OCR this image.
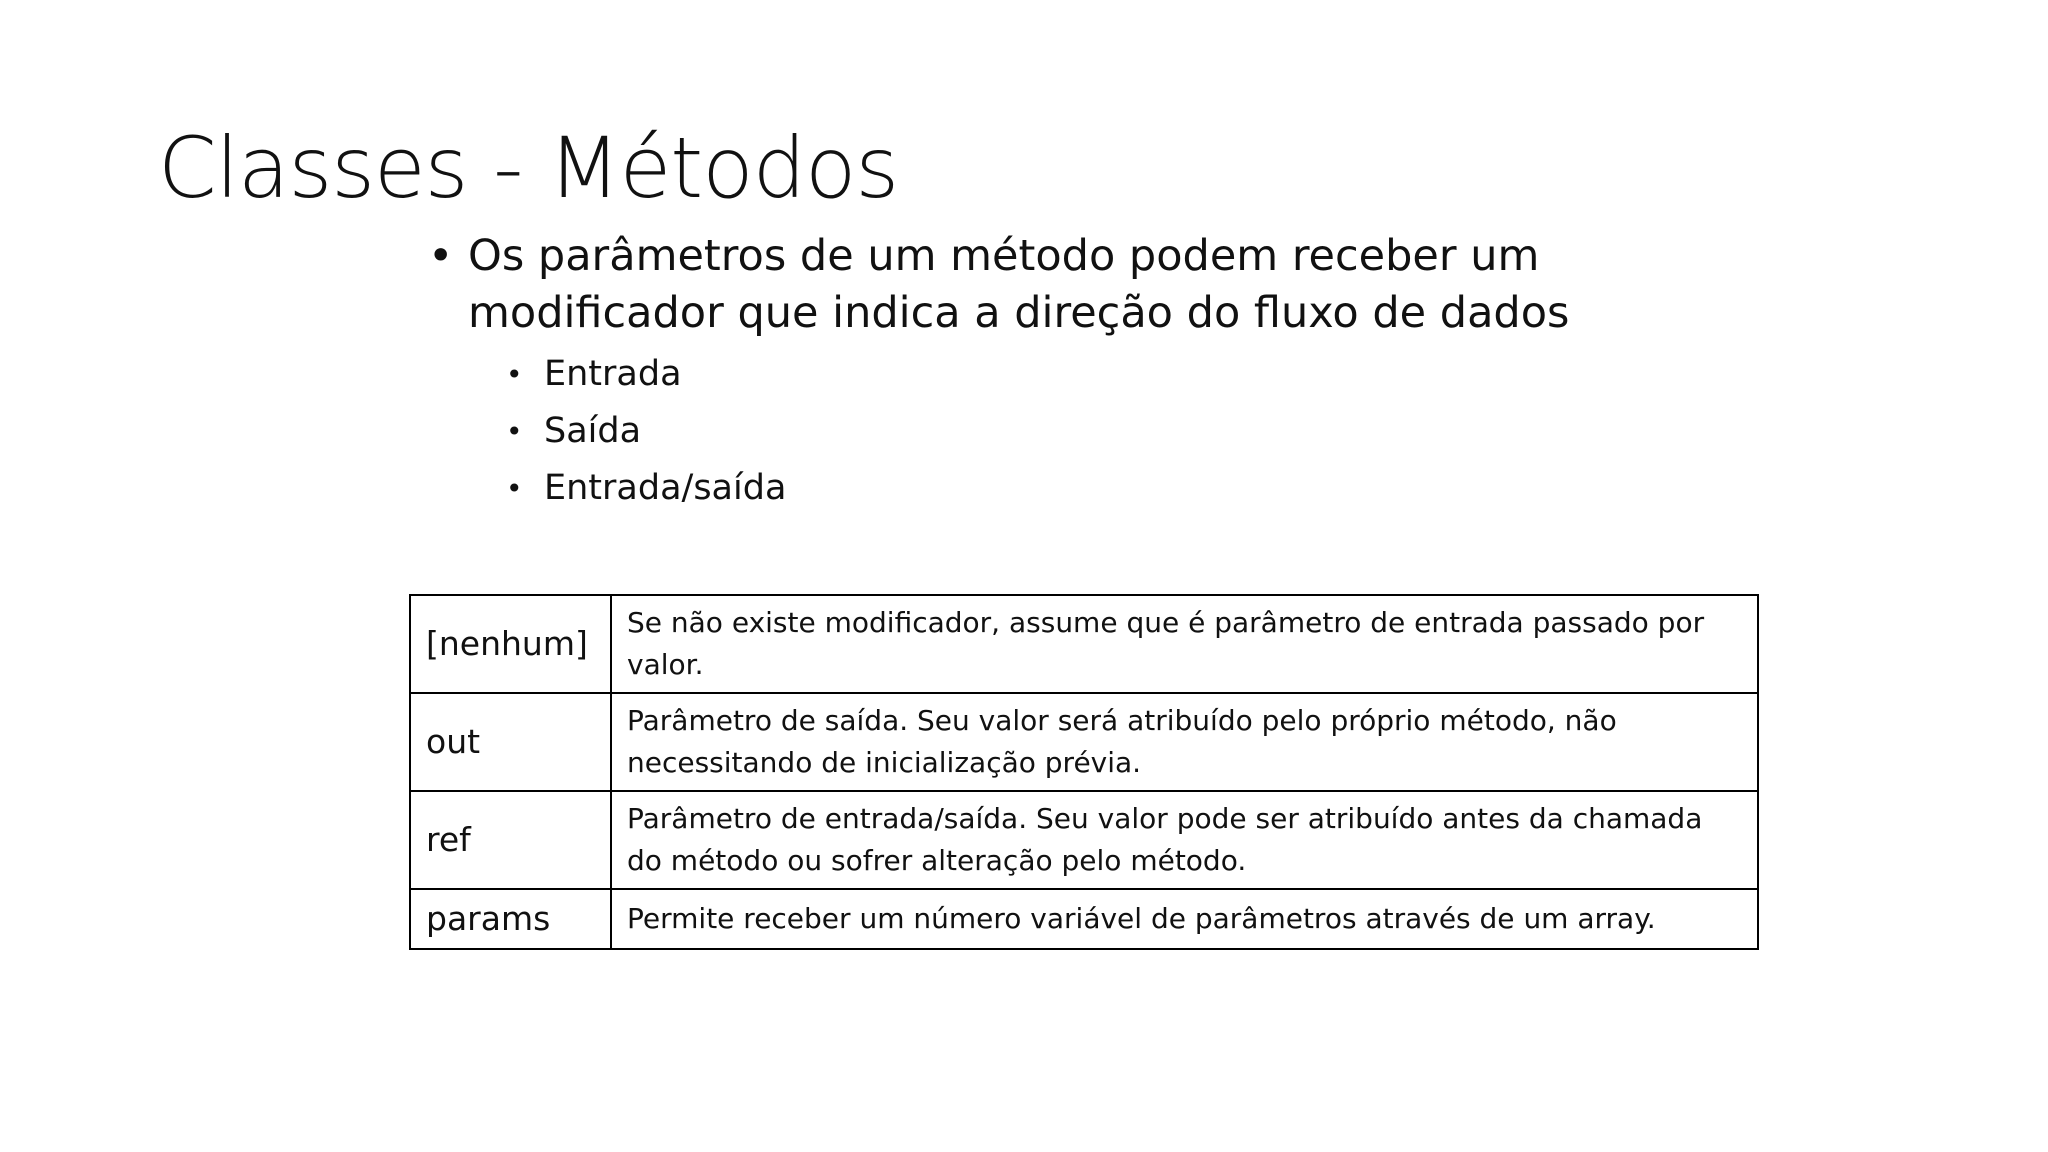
Classes - Métodos
• Os parâmetros de um método podem receber um modificador que indica a direção do fluxo de dados
• Entrada
• Saída
• Entrada/saída
[nenhum]	Se não existe modificador, assume que é parâmetro de entrada passado por valor.
out	Parâmetro de saída. Seu valor será atribuído pelo próprio método, não necessitando de inicialização prévia.
ref	Parâmetro de entrada/saída. Seu valor pode ser atribuído antes da chamada do método ou sofrer alteração pelo método.
params	Permite receber um número variável de parâmetros através de um array.
